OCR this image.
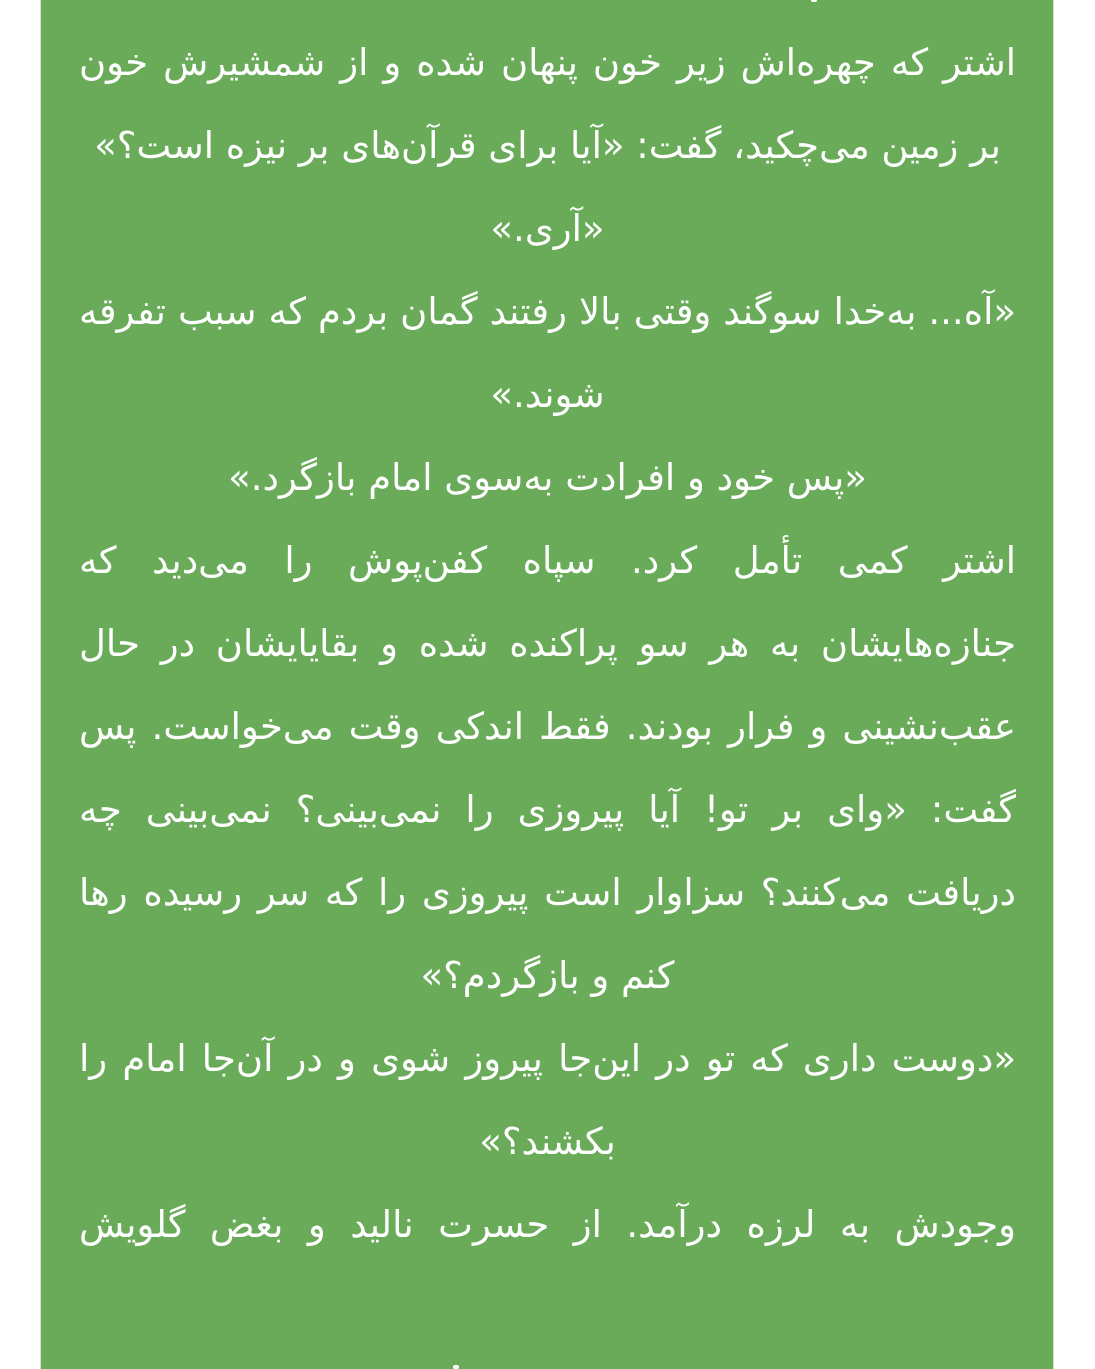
اشتر که چهره‌اش زیر خون پنهان شده و از شمشیرش خون بر زمین می‌چکید، گفت: «آیا برای قرآن‌های بر نیزه است؟»

«آری.»

«آه... به‌خدا سوگند وقتی بالا رفتند گمان بردم که سبب تفرقه شوند.»

«پس خود و افرادت به‌سوی امام بازگرد.»

اشتر کمی تأمل کرد. سپاه کفن‌پوش را می‌دید که جنازه‌هایشان به هر سو پراکنده شده و بقایایشان در حال عقب‌نشینی و فرار بودند. فقط اندکی وقت می‌خواست. پس گفت: «وای بر تو! آیا پیروزی را نمی‌بینی؟ نمی‌بینی چه دریافت می‌کنند؟ سزاوار است پیروزی را که سر رسیده رها کنم و بازگردم؟»

«دوست داری که تو در این‌جا پیروز شوی و در آن‌جا امام را بکشند؟»

وجودش به لرزه درآمد. از حسرت نالید و بغض گلویش
